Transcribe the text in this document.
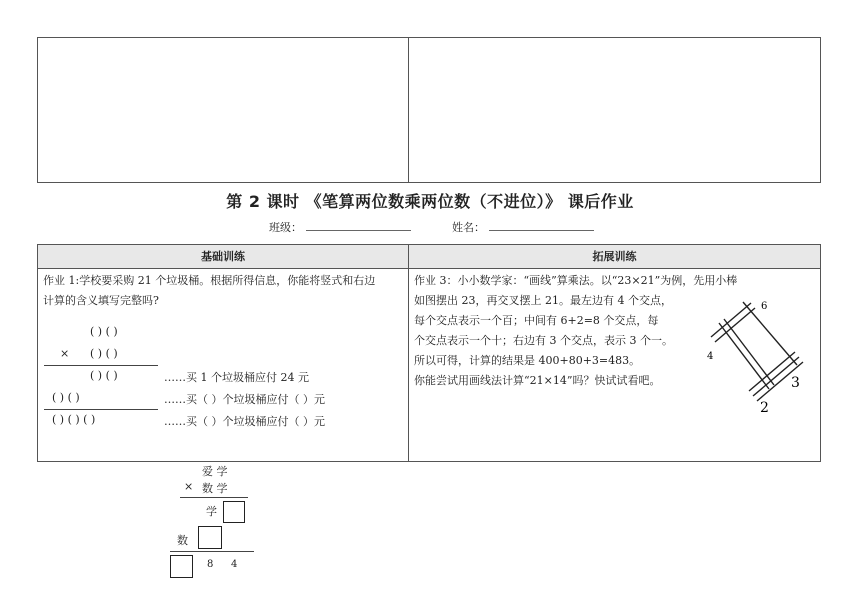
第 2 课时 《笔算两位数乘两位数（不进位）》 课后作业
班级：	姓名：
基础训练	拓展训练
作业 1:学校要采购 21 个垃圾桶。根据所得信息，你能将竖式和右边
计算的含义填写完整吗?
( ) ( )
× ( ) ( )
( ) ( )	……买 1 个垃圾桶应付 24 元
( ) ( )	……买（ ）个垃圾桶应付（ ）元
( ) ( ) ( )	……买（ ）个垃圾桶应付（ ）元
作业 3：小小数学家：“画线”算乘法。以“23×21”为例，先用小棒
如图摆出 23，再交叉摆上 21。最左边有 4 个交点，
每个交点表示一个百；中间有 6+2=8 个交点，每
个交点表示一个十；右边有 3 个交点，表示 3 个一。
所以可得，计算的结果是 400+80+3=483。
你能尝试用画线法计算“21×14”吗？快试试看吧。
6
4
3
2
爱 学
× 数 学
学
数
8 4
